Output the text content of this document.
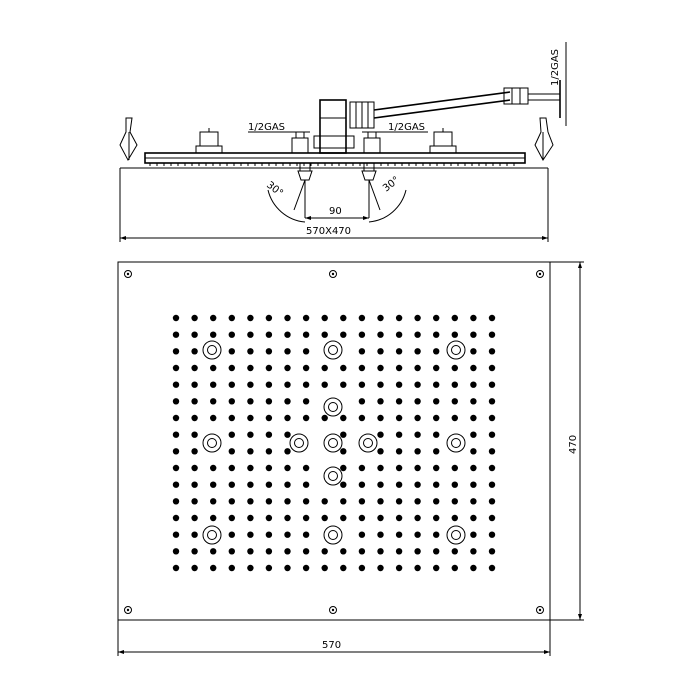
1/2GAS	1/2GAS
1/2GAS
30°	30°
90
570X470
570
470
